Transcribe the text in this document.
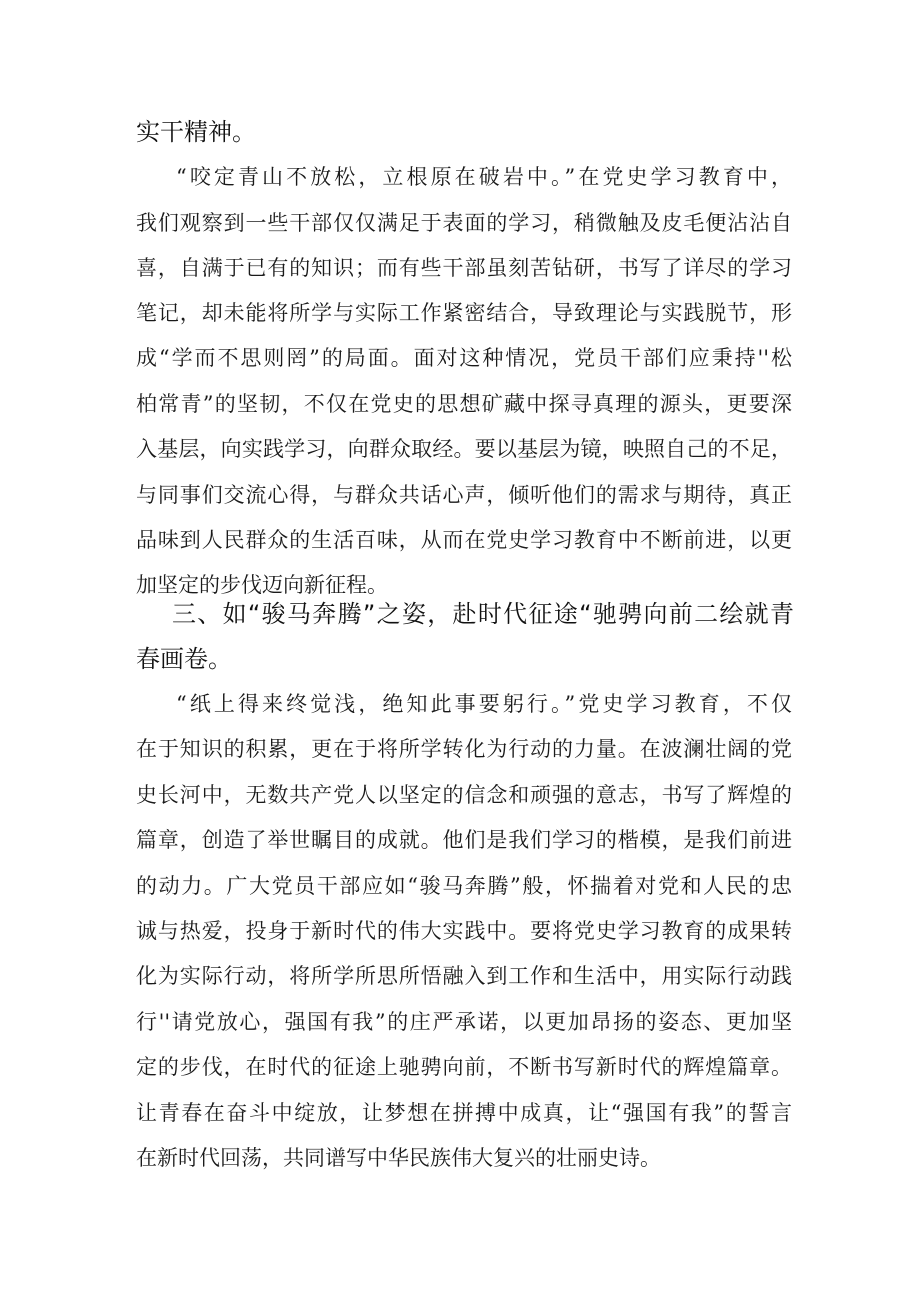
实干精神。
“咬定青山不放松，立根原在破岩中。”在党史学习教育中，
我们观察到一些干部仅仅满足于表面的学习，稍微触及皮毛便沾沾自
喜，自满于已有的知识；而有些干部虽刻苦钻研，书写了详尽的学习
笔记，却未能将所学与实际工作紧密结合，导致理论与实践脱节，形
成“学而不思则罔”的局面。面对这种情况，党员干部们应秉持''松
柏常青”的坚韧，不仅在党史的思想矿藏中探寻真理的源头，更要深
入基层，向实践学习，向群众取经。要以基层为镜，映照自己的不足，
与同事们交流心得，与群众共话心声，倾听他们的需求与期待，真正
品味到人民群众的生活百味，从而在党史学习教育中不断前进，以更
加坚定的步伐迈向新征程。
三、如“骏马奔腾”之姿，赴时代征途“驰骋向前二绘就青
春画卷。
“纸上得来终觉浅，绝知此事要躬行。”党史学习教育，不仅
在于知识的积累，更在于将所学转化为行动的力量。在波澜壮阔的党
史长河中，无数共产党人以坚定的信念和顽强的意志，书写了辉煌的
篇章，创造了举世瞩目的成就。他们是我们学习的楷模，是我们前进
的动力。广大党员干部应如“骏马奔腾”般，怀揣着对党和人民的忠
诚与热爱，投身于新时代的伟大实践中。要将党史学习教育的成果转
化为实际行动，将所学所思所悟融入到工作和生活中，用实际行动践
行''请党放心，强国有我”的庄严承诺，以更加昂扬的姿态、更加坚
定的步伐，在时代的征途上驰骋向前，不断书写新时代的辉煌篇章。
让青春在奋斗中绽放，让梦想在拼搏中成真，让“强国有我”的誓言
在新时代回荡，共同谱写中华民族伟大复兴的壮丽史诗。
